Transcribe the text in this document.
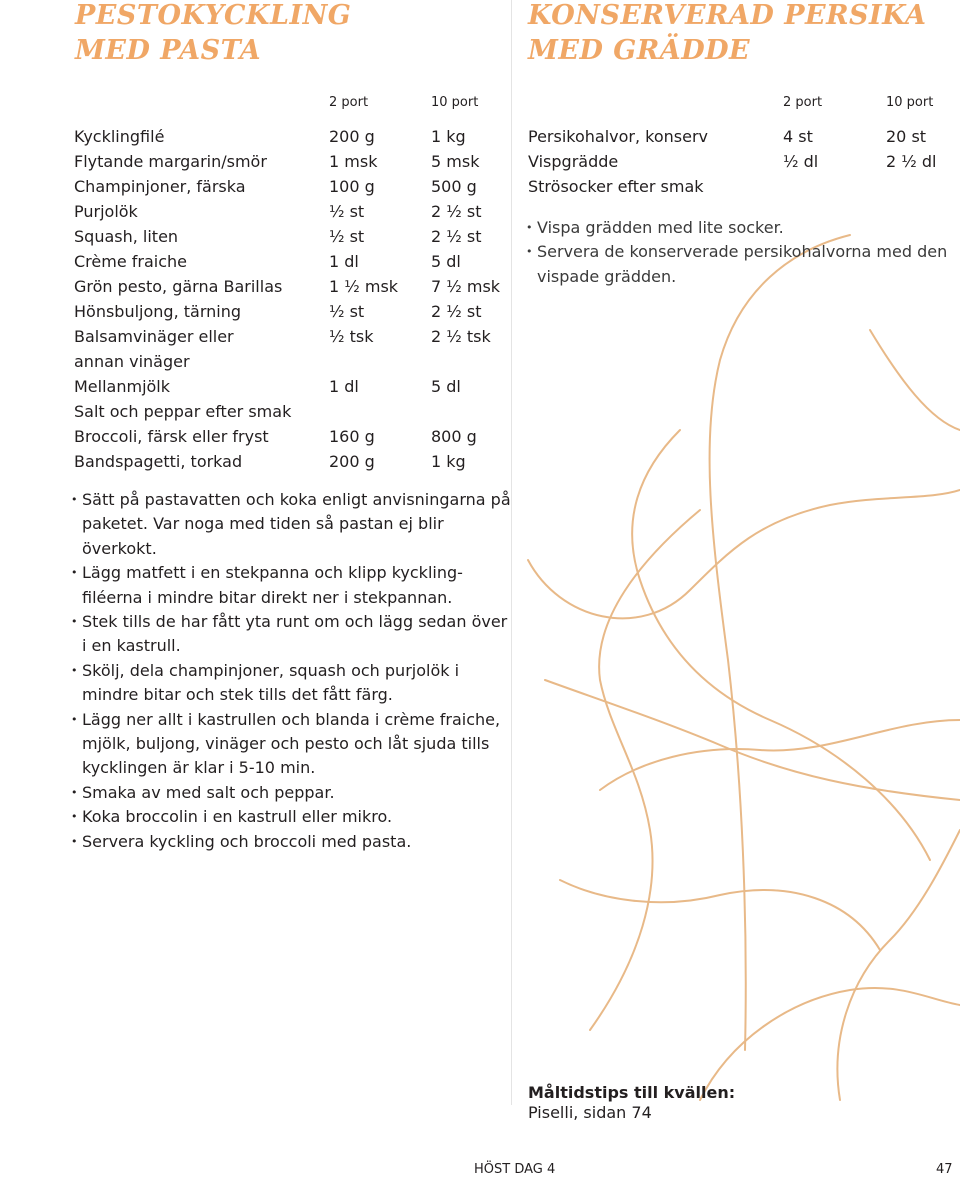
PESTOKYCKLING
MED PASTA
2 port	10 port
Kycklingfilé	200 g	1 kg
Flytande margarin/smör	1 msk	5 msk
Champinjoner, färska	100 g	500 g
Purjolök	½ st	2 ½ st
Squash, liten	½ st	2 ½ st
Crème fraiche	1 dl	5 dl
Grön pesto, gärna Barillas	1 ½ msk	7 ½ msk
Hönsbuljong, tärning	½ st	2 ½ st
Balsamvinäger eller	½ tsk	2 ½ tsk
annan vinäger		
Mellanmjölk	1 dl	5 dl
Salt och peppar efter smak		
Broccoli, färsk eller fryst	160 g	800 g
Bandspagetti, torkad	200 g	1 kg
• Sätt på pastavatten och koka enligt anvisningarna på
paketet. Var noga med tiden så pastan ej blir överkokt.
• Lägg matfett i en stekpanna och klipp kyckling-
filéerna i mindre bitar direkt ner i stekpannan.
• Stek tills de har fått yta runt om och lägg sedan över
i en kastrull.
• Skölj, dela champinjoner, squash och purjolök i
mindre bitar och stek tills det fått färg.
• Lägg ner allt i kastrullen och blanda i crème fraiche,
mjölk, buljong, vinäger och pesto och låt sjuda tills
kycklingen är klar i 5-10 min.
• Smaka av med salt och peppar.
• Koka broccolin i en kastrull eller mikro.
• Servera kyckling och broccoli med pasta.
KONSERVERAD PERSIKA
MED GRÄDDE
2 port	10 port
Persikohalvor, konserv	4 st	20 st
Vispgrädde	½ dl	2 ½ dl
Strösocker efter smak		
• Vispa grädden med lite socker.
• Servera de konserverade persikohalvorna med den
vispade grädden.
Måltidstips till kvällen:
Piselli, sidan 74
HÖST DAG 4	47
